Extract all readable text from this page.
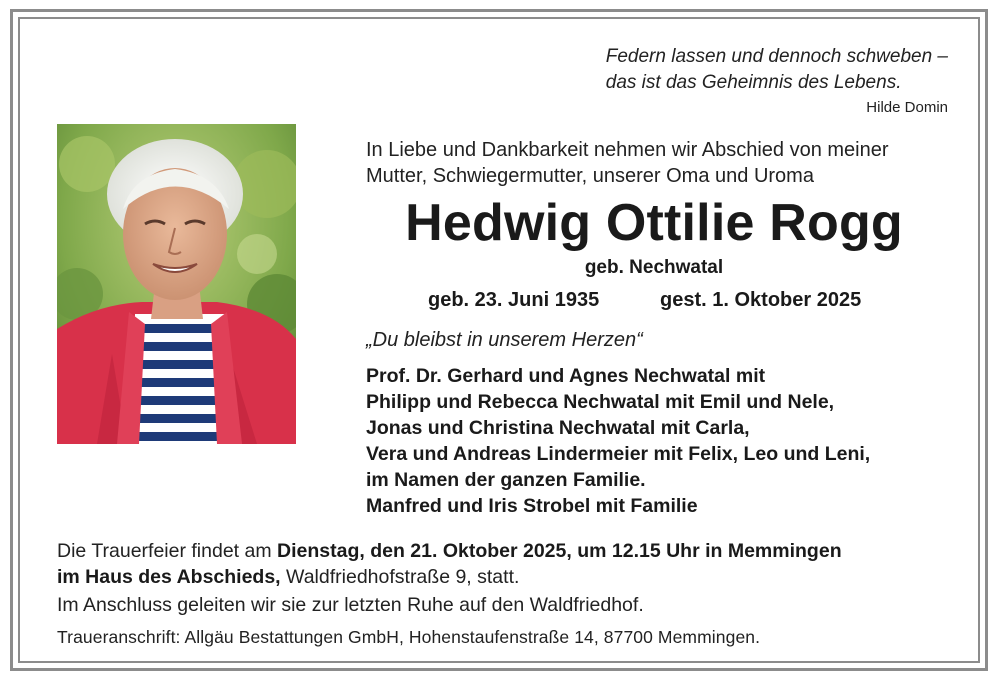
Federn lassen und dennoch schweben –
das ist das Geheimnis des Lebens.
Hilde Domin
In Liebe und Dankbarkeit nehmen wir Abschied von meiner
Mutter, Schwiegermutter, unserer Oma und Uroma
Hedwig Ottilie Rogg
geb. Nechwatal
geb. 23. Juni 1935	gest. 1. Oktober 2025
„Du bleibst in unserem Herzen“
Prof. Dr. Gerhard und Agnes Nechwatal mit
Philipp und Rebecca Nechwatal mit Emil und Nele,
Jonas und Christina Nechwatal mit Carla,
Vera und Andreas Lindermeier mit Felix, Leo und Leni,
im Namen der ganzen Familie.
Manfred und Iris Strobel mit Familie
Die Trauerfeier findet am Dienstag, den 21. Oktober 2025, um 12.15 Uhr in Memmingen
im Haus des Abschieds, Waldfriedhofstraße 9, statt.
Im Anschluss geleiten wir sie zur letzten Ruhe auf den Waldfriedhof.
Traueranschrift: Allgäu Bestattungen GmbH, Hohenstaufenstraße 14, 87700 Memmingen.
